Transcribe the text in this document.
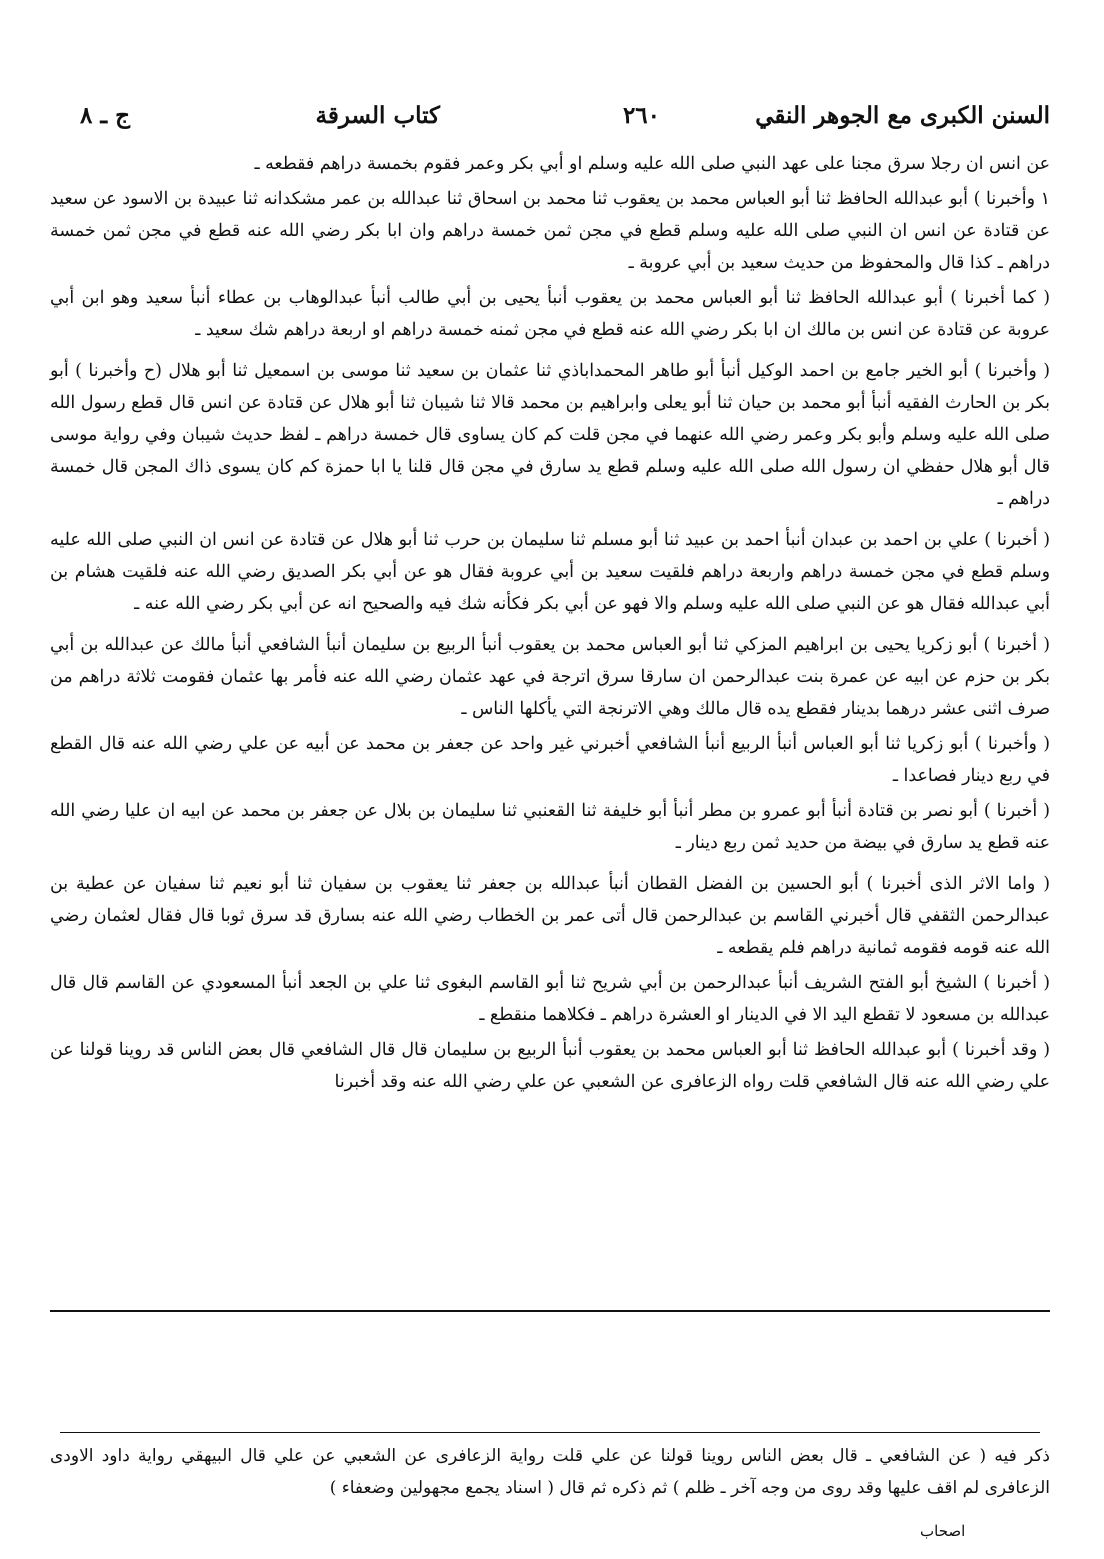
السنن الكبرى مع الجوهر النقي
٢٦٠
كتاب السرقة
ج ـ ٨

عن انس ان رجلا سرق مجنا على عهد النبي صلى الله عليه وسلم او أبي بكر وعمر فقوم بخمسة دراهم فقطعه ـ

١ وأخبرنا ) أبو عبدالله الحافظ ثنا أبو العباس محمد بن يعقوب ثنا محمد بن اسحاق ثنا عبدالله بن عمر مشكدانه ثنا عبيدة بن الاسود عن سعيد عن قتادة عن انس ان النبي صلى الله عليه وسلم قطع في مجن ثمن خمسة دراهم وان ابا بكر رضي الله عنه قطع في مجن ثمن خمسة دراهم ـ كذا قال والمحفوظ من حديث سعيد بن أبي عروبة ـ

( كما أخبرنا ) أبو عبدالله الحافظ ثنا أبو العباس محمد بن يعقوب أنبأ يحيى بن أبي طالب أنبأ عبدالوهاب بن عطاء أنبأ سعيد وهو ابن أبي عروبة عن قتادة عن انس بن مالك ان ابا بكر رضي الله عنه قطع في مجن ثمنه خمسة دراهم او اربعة دراهم شك سعيد ـ

( وأخبرنا ) أبو الخير جامع بن احمد الوكيل أنبأ أبو طاهر المحمداباذي ثنا عثمان بن سعيد ثنا موسى بن اسمعيل ثنا أبو هلال (ح وأخبرنا ) أبو بكر بن الحارث الفقيه أنبأ أبو محمد بن حيان ثنا أبو يعلى وابراهيم بن محمد قالا ثنا شيبان ثنا أبو هلال عن قتادة عن انس قال قطع رسول الله صلى الله عليه وسلم وأبو بكر وعمر رضي الله عنهما في مجن قلت كم كان يساوى قال خمسة دراهم ـ لفظ حديث شيبان وفي رواية موسى قال أبو هلال حفظي ان رسول الله صلى الله عليه وسلم قطع يد سارق في مجن قال قلنا يا ابا حمزة كم كان يسوى ذاك المجن قال خمسة دراهم ـ

( أخبرنا ) علي بن احمد بن عبدان أنبأ احمد بن عبيد ثنا أبو مسلم ثنا سليمان بن حرب ثنا أبو هلال عن قتادة عن انس ان النبي صلى الله عليه وسلم قطع في مجن خمسة دراهم واربعة دراهم فلقيت سعيد بن أبي عروبة فقال هو عن أبي بكر الصديق رضي الله عنه فلقيت هشام بن أبي عبدالله فقال هو عن النبي صلى الله عليه وسلم والا فهو عن أبي بكر فكأنه شك فيه والصحيح انه عن أبي بكر رضي الله عنه ـ

( أخبرنا ) أبو زكريا يحيى بن ابراهيم المزكي ثنا أبو العباس محمد بن يعقوب أنبأ الربيع بن سليمان أنبأ الشافعي أنبأ مالك عن عبدالله بن أبي بكر بن حزم عن ابيه عن عمرة بنت عبدالرحمن ان سارقا سرق اترجة في عهد عثمان رضي الله عنه فأمر بها عثمان فقومت ثلاثة دراهم من صرف اثنى عشر درهما بدينار فقطع يده قال مالك وهي الاترنجة التي يأكلها الناس ـ

( وأخبرنا ) أبو زكريا ثنا أبو العباس أنبأ الربيع أنبأ الشافعي أخبرني غير واحد عن جعفر بن محمد عن أبيه عن علي رضي الله عنه قال القطع في ربع دينار فصاعدا ـ

( أخبرنا ) أبو نصر بن قتادة أنبأ أبو عمرو بن مطر أنبأ أبو خليفة ثنا القعنبي ثنا سليمان بن بلال عن جعفر بن محمد عن ابيه ان عليا رضي الله عنه قطع يد سارق في بيضة من حديد ثمن ربع دينار ـ

( واما الاثر الذى أخبرنا ) أبو الحسين بن الفضل القطان أنبأ عبدالله بن جعفر ثنا يعقوب بن سفيان ثنا أبو نعيم ثنا سفيان عن عطية بن عبدالرحمن الثقفي قال أخبرني القاسم بن عبدالرحمن قال أتى عمر بن الخطاب رضي الله عنه بسارق قد سرق ثوبا قال فقال لعثمان رضي الله عنه قومه فقومه ثمانية دراهم فلم يقطعه ـ

( أخبرنا ) الشيخ أبو الفتح الشريف أنبأ عبدالرحمن بن أبي شريح ثنا أبو القاسم البغوى ثنا علي بن الجعد أنبأ المسعودي عن القاسم قال قال عبدالله بن مسعود لا تقطع اليد الا في الدينار او العشرة دراهم ـ فكلاهما منقطع ـ

( وقد أخبرنا ) أبو عبدالله الحافظ ثنا أبو العباس محمد بن يعقوب أنبأ الربيع بن سليمان قال قال الشافعي قال بعض الناس قد روينا قولنا عن علي رضي الله عنه قال الشافعي قلت رواه الزعافرى عن الشعبي عن علي رضي الله عنه وقد أخبرنا

ذكر فيه ( عن الشافعي ـ قال بعض الناس روينا قولنا عن علي قلت رواية الزعافرى عن الشعبي عن علي قال البيهقي رواية داود الاودى الزعافرى لم اقف عليها وقد روى من وجه آخر ـ ظلم ) ثم ذكره ثم قال ( اسناد يجمع مجهولين وضعفاء )

اصحاب
